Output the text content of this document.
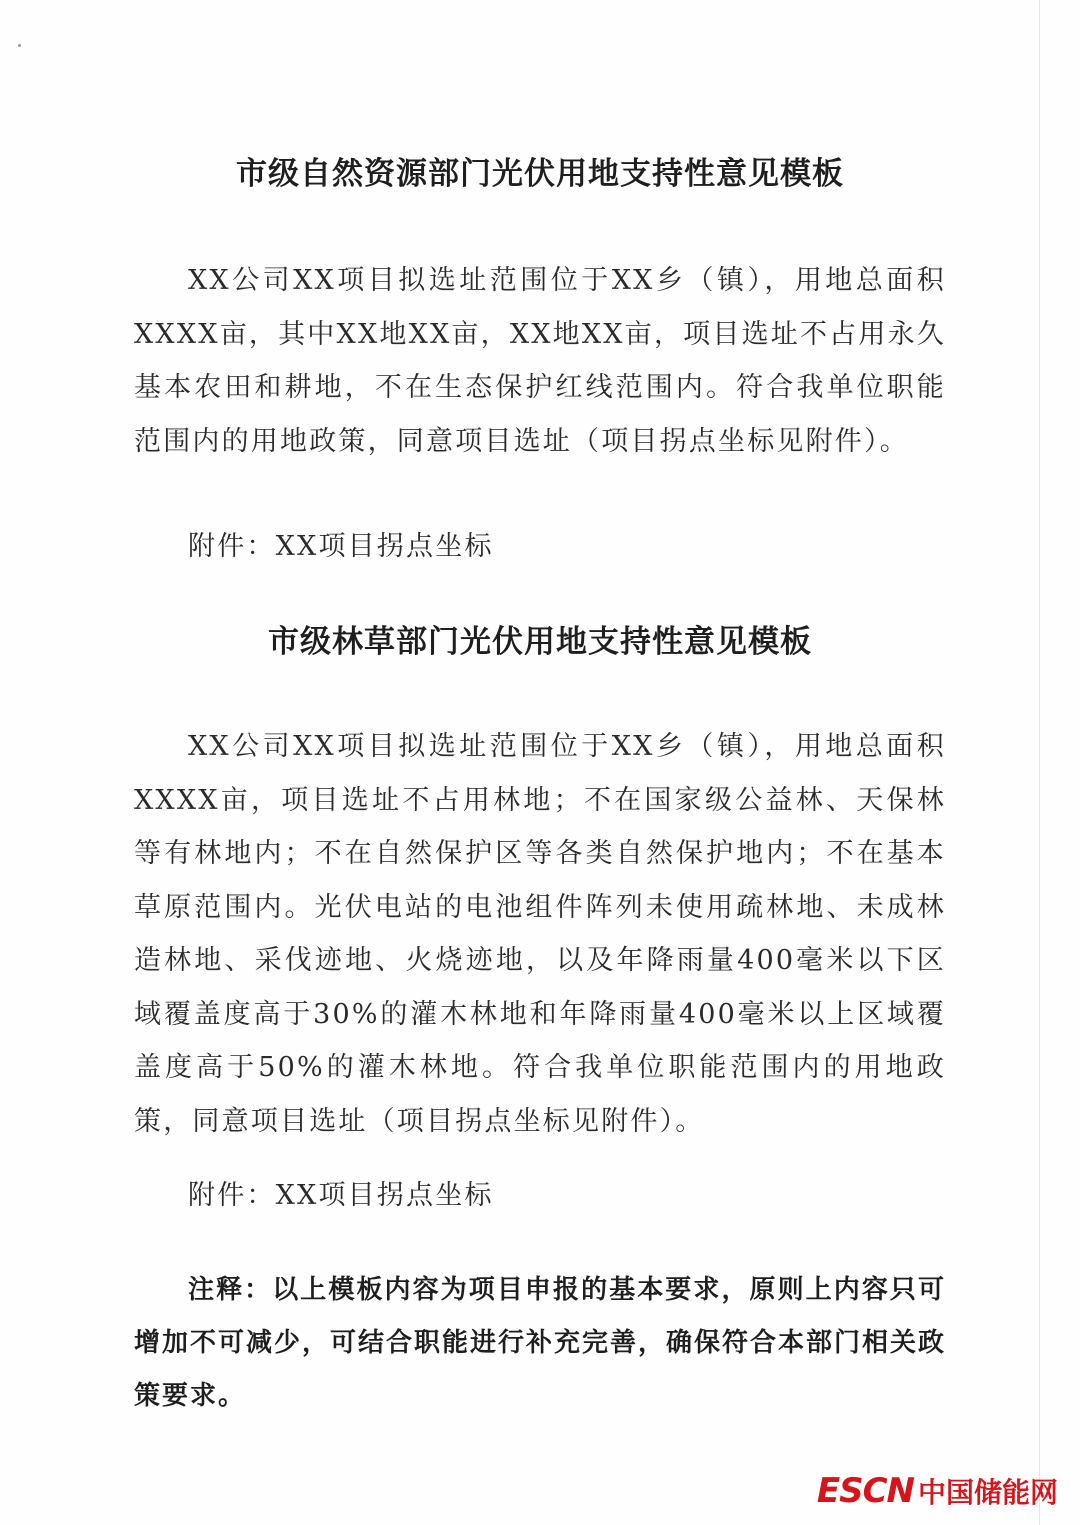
市级自然资源部门光伏用地支持性意见模板

XX公司XX项目拟选址范围位于XX乡（镇），用地总面积XXXX亩，其中XX地XX亩，XX地XX亩，项目选址不占用永久基本农田和耕地，不在生态保护红线范围内。符合我单位职能范围内的用地政策，同意项目选址（项目拐点坐标见附件）。

附件：XX项目拐点坐标
市级林草部门光伏用地支持性意见模板

XX公司XX项目拟选址范围位于XX乡（镇），用地总面积XXXX亩，项目选址不占用林地；不在国家级公益林、天保林等有林地内；不在自然保护区等各类自然保护地内；不在基本草原范围内。光伏电站的电池组件阵列未使用疏林地、未成林造林地、采伐迹地、火烧迹地，以及年降雨量400毫米以下区域覆盖度高于30%的灌木林地和年降雨量400毫米以上区域覆盖度高于50%的灌木林地。符合我单位职能范围内的用地政策，同意项目选址（项目拐点坐标见附件）。

附件：XX项目拐点坐标

注释：以上模板内容为项目申报的基本要求，原则上内容只可增加不可减少，可结合职能进行补充完善，确保符合本部门相关政策要求。

ESCN 中国储能网
